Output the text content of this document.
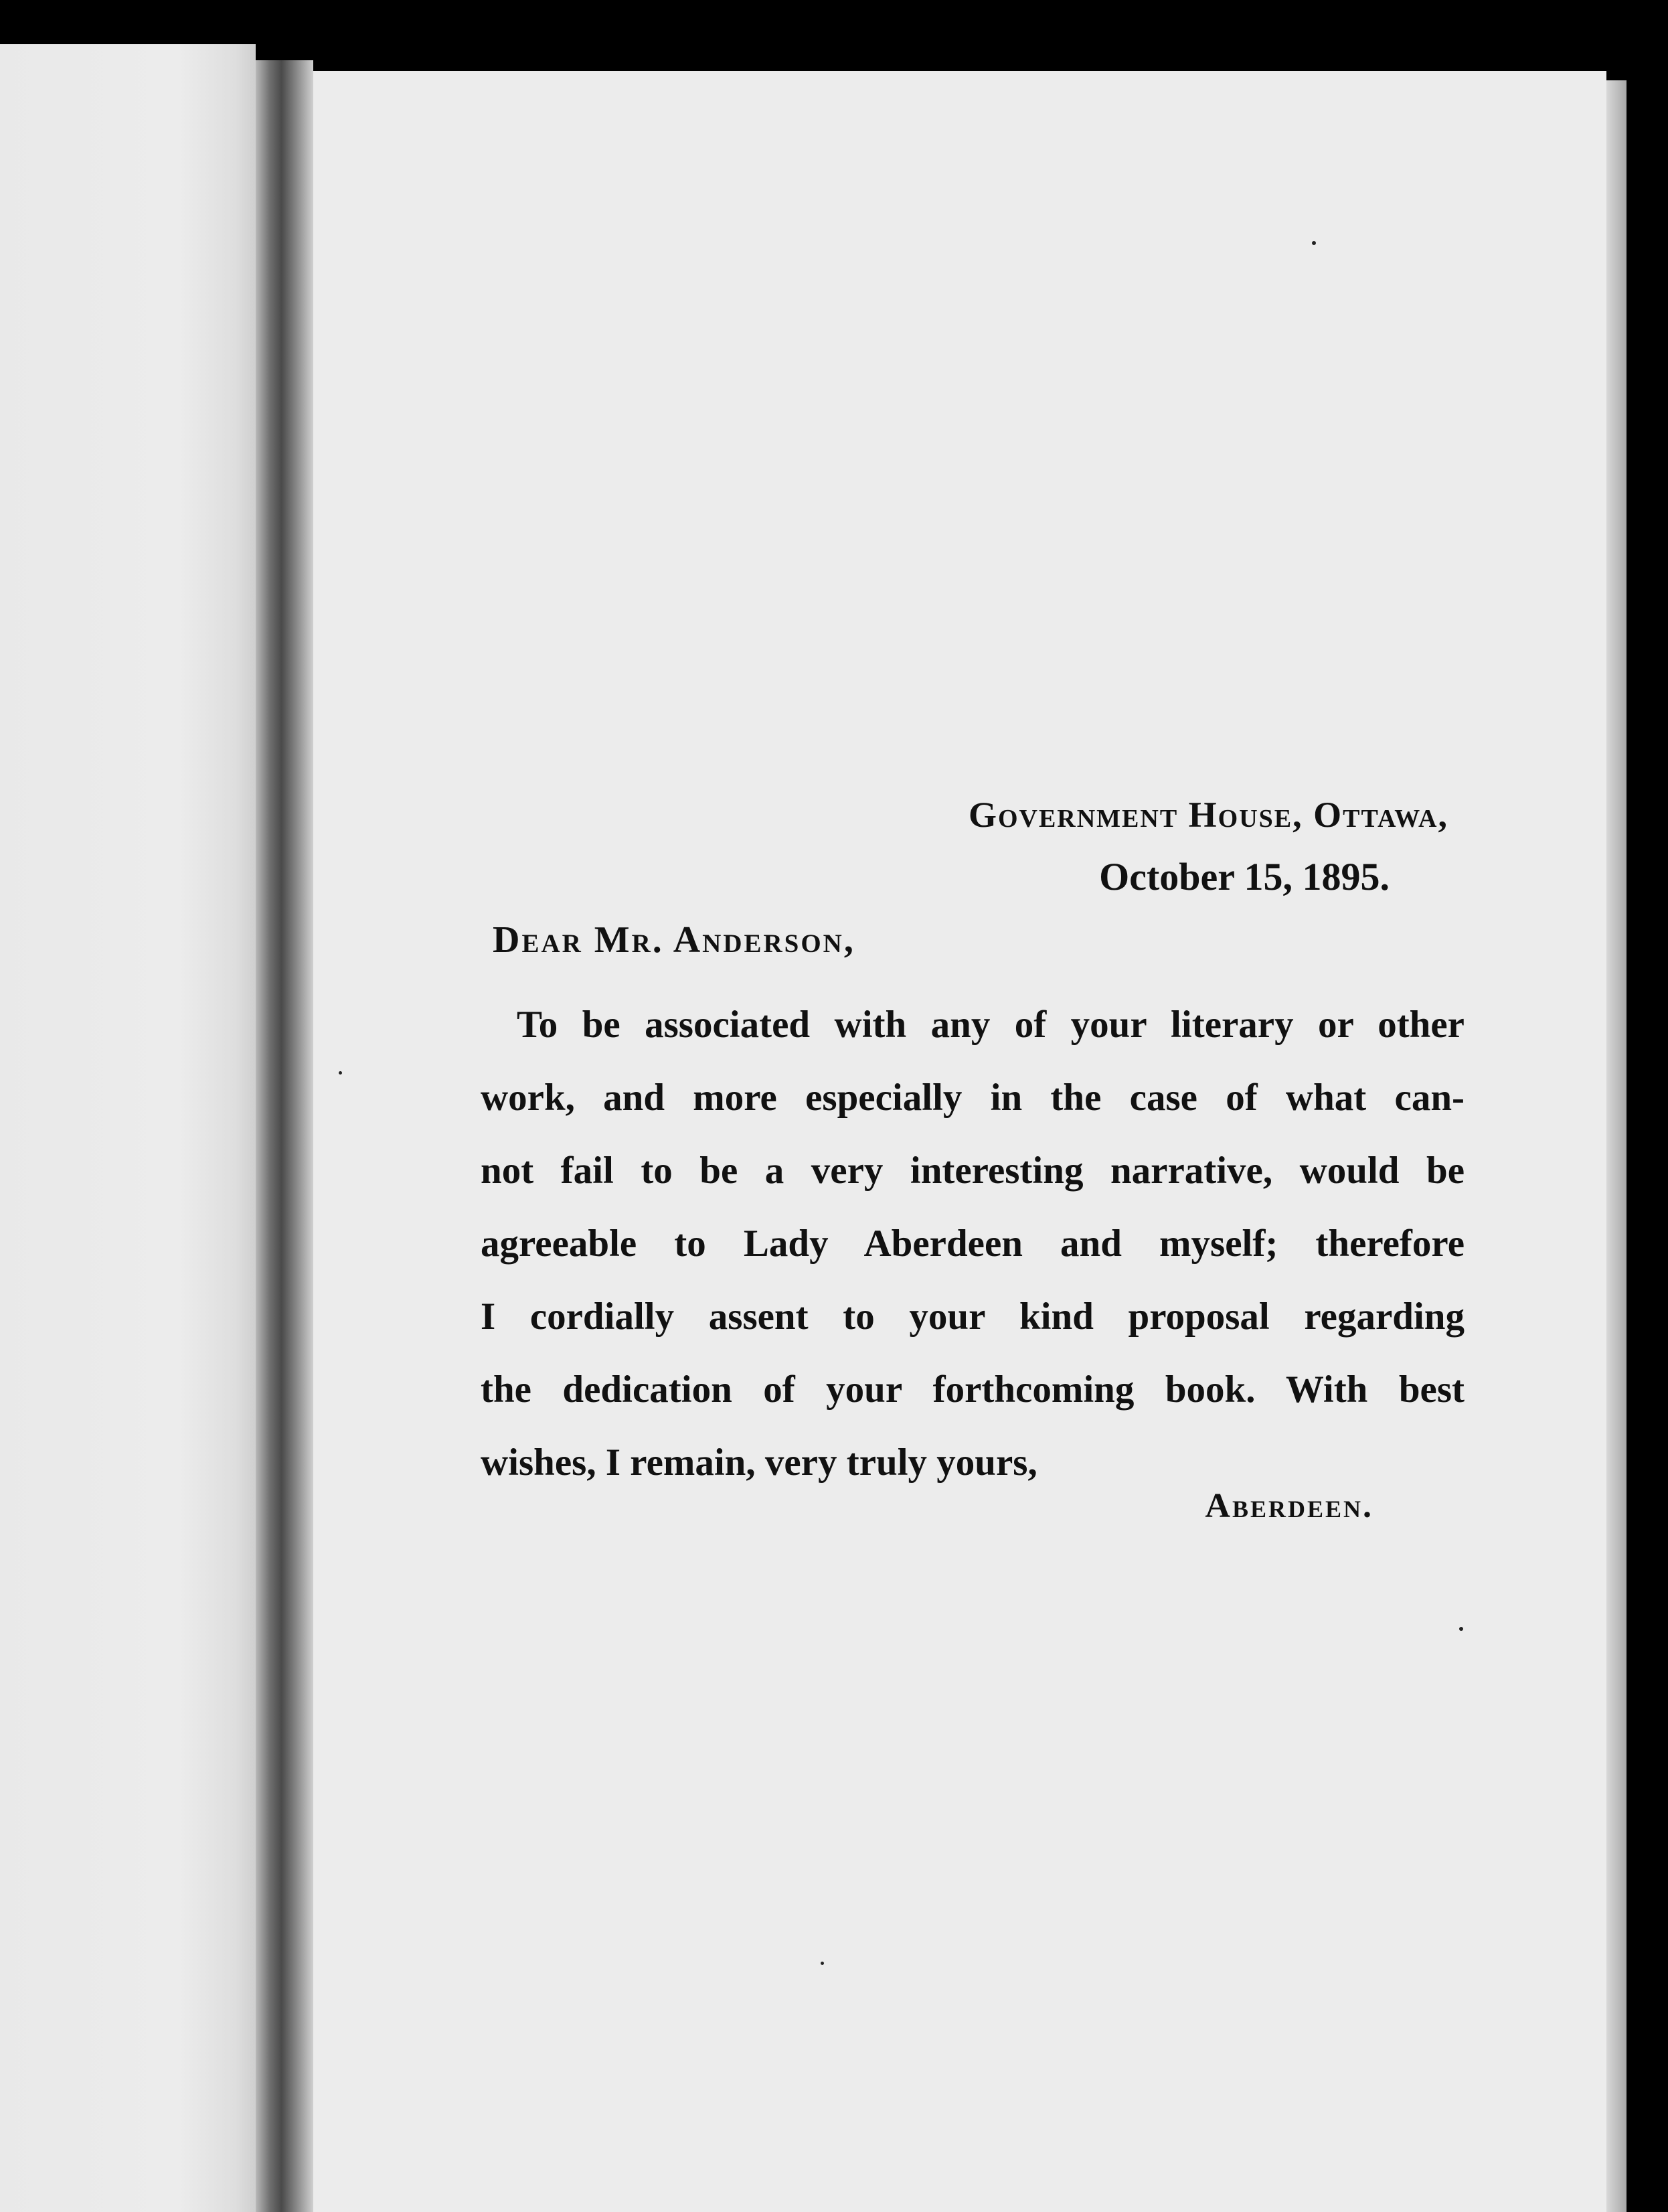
Government House, Ottawa,
October 15, 1895.
Dear Mr. Anderson,
To be associated with any of your literary or other
work, and more especially in the case of what can-
not fail to be a very interesting narrative, would be
agreeable to Lady Aberdeen and myself; therefore
I cordially assent to your kind proposal regarding
the dedication of your forthcoming book. With best
wishes, I remain, very truly yours,
Aberdeen.
